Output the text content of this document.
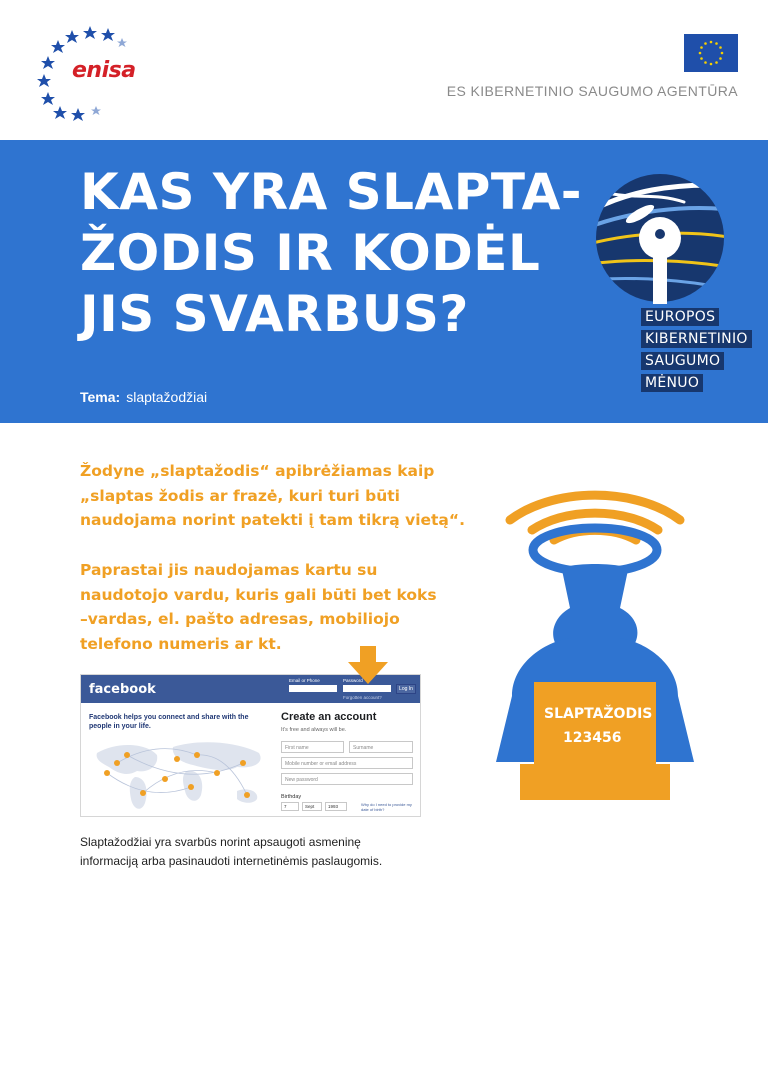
enisa
ES KIBERNETINIO SAUGUMO AGENTŪRA
KAS YRA SLAPTA-
ŽODIS IR KODĖL
JIS SVARBUS?
Tema: slaptažodžiai
EUROPOS
KIBERNETINIO
SAUGUMO
MĖNUO
Žodyne „slaptažodis“ apibrėžiamas kaip
„slaptas žodis ar frazė, kuri turi būti
naudojama norint patekti į tam tikrą vietą“.
Paprastai jis naudojamas kartu su
naudotojo vardu, kuris gali būti bet koks
–vardas, el. pašto adresas, mobiliojo
telefono numeris ar kt.
facebook
Email or Phone	Password
Log In
Forgotten account?
Facebook helps you connect and share with the people in your life.
Create an account
It’s free and always will be.
First name	Surname
Mobile number or email address
New password
Birthday
7	Sept	1993	Why do I need to provide my date of birth?
Slaptažodžiai yra svarbūs norint apsaugoti asmeninę
informaciją arba pasinaudoti internetinėmis paslaugomis.
SLAPTAŽODIS
123456
